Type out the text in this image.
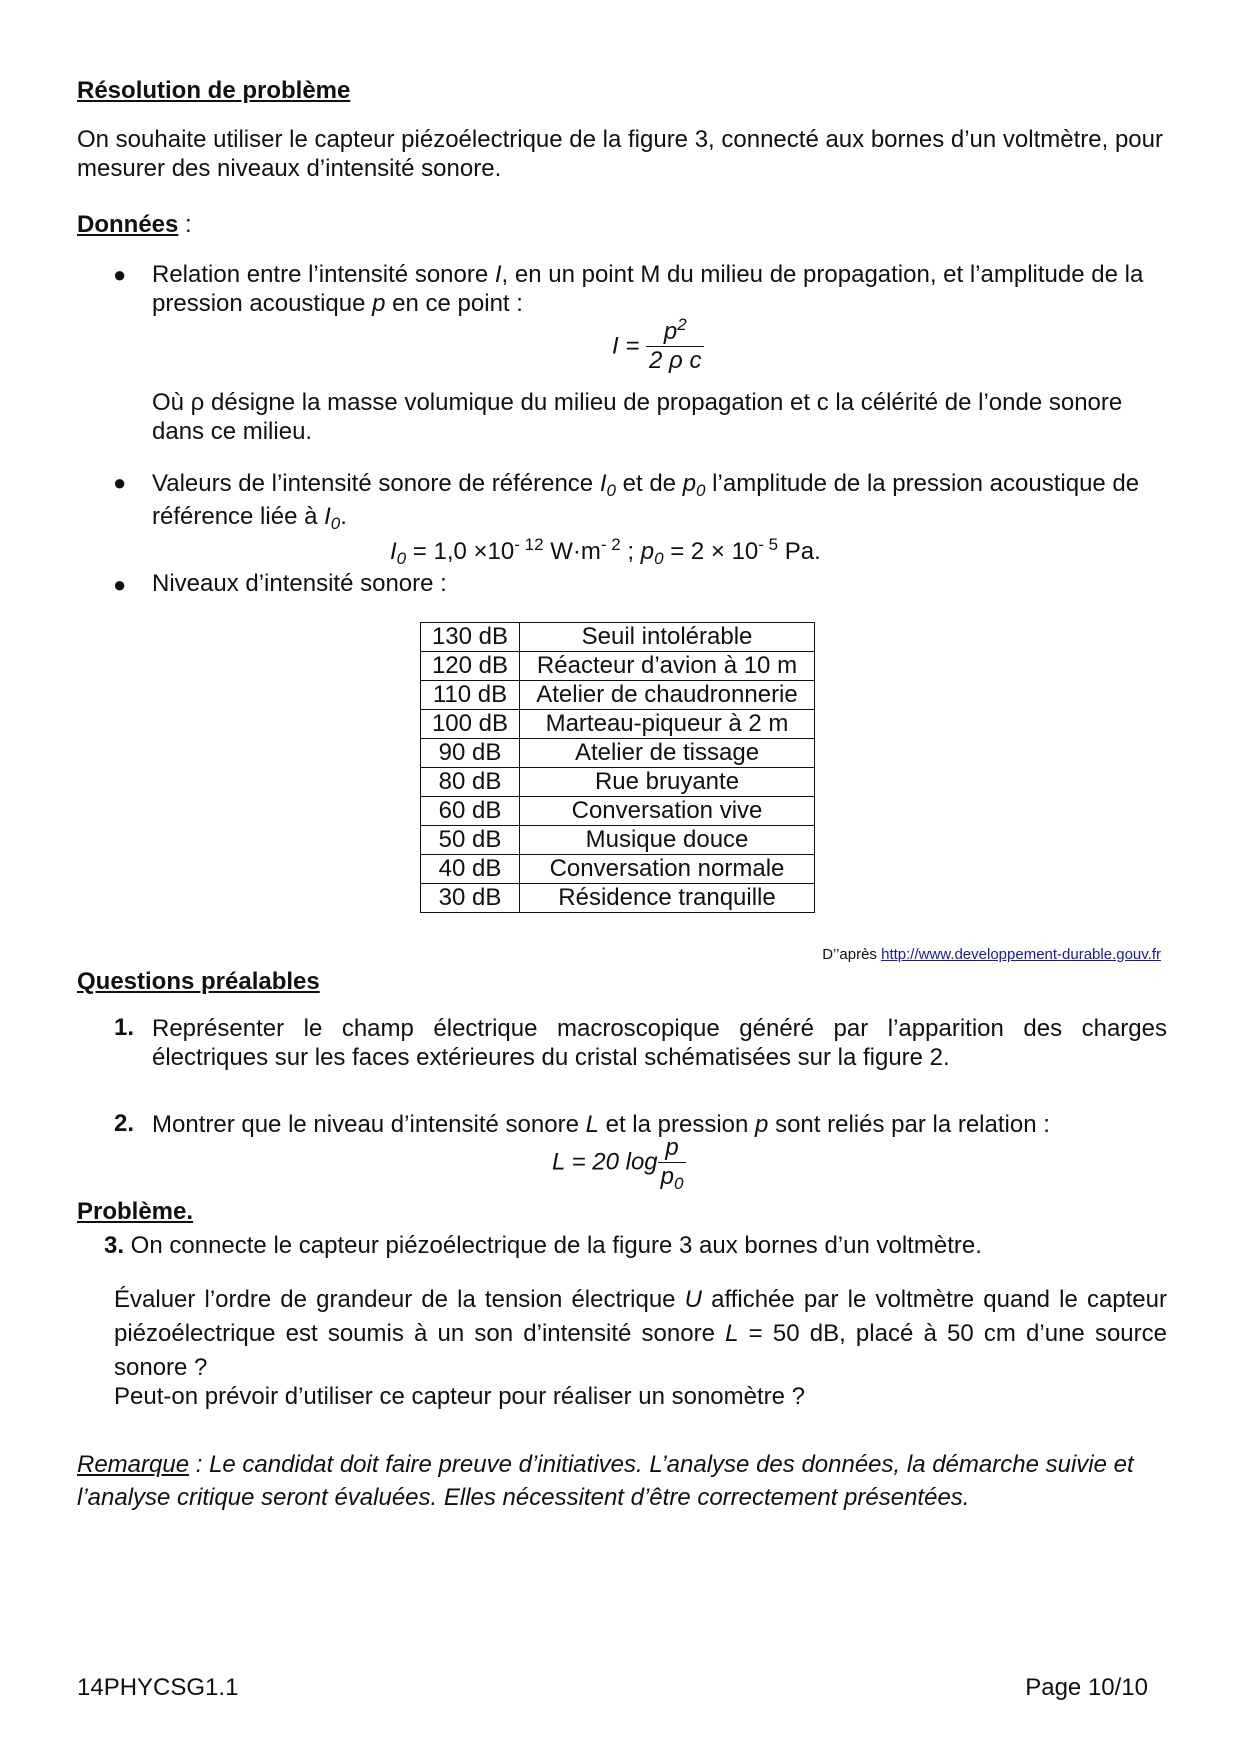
Résolution de problème

On souhaite utiliser le capteur piézoélectrique de la figure 3, connecté aux bornes d’un voltmètre, pour mesurer des niveaux d’intensité sonore.

Données :
● Relation entre l’intensité sonore I, en un point M du milieu de propagation, et l’amplitude de la pression acoustique p en ce point :

$I = \frac{p^2}{\text{2 ρ c}}$

Où ρ désigne la masse volumique du milieu de propagation et c la célérité de l’onde sonore dans ce milieu.

● Valeurs de l’intensité sonore de référence $I_0$ et de $p_0$ l’amplitude de la pression acoustique de référence liée à $I_0$.

$I_0 = 1,0 \times 10^{- 12}$ $W\cdot m^{- 2}$ ; $p_0 = 2 \times 10^{- 5}$ Pa.
● Niveaux d’intensité sonore :
130 dB	Seuil intolérable
120 dB	Réacteur d’avion à 10 m
110 dB	Atelier de chaudronnerie
100 dB	Marteau-piqueur à 2 m
90 dB	Atelier de tissage
80 dB	Rue bruyante
60 dB	Conversation vive
50 dB	Musique douce
40 dB	Conversation normale
30 dB	Résidence tranquille
D’’après http://www.developpement-durable.gouv.fr
Questions préalables
1. Représenter le champ électrique macroscopique généré par l’apparition des charges électriques sur les faces extérieures du cristal schématisées sur la figure 2.

2. Montrer que le niveau d’intensité sonore L et la pression p sont reliés par la relation :

L = 20 $\log \frac{p}{p_0}$
Problème.
3. On connecte le capteur piézoélectrique de la figure 3 aux bornes d’un voltmètre.

Évaluer l’ordre de grandeur de la tension électrique U affichée par le voltmètre quand le capteur piézoélectrique est soumis à un son d’intensité sonore L = 50 dB, placé à 50 cm d’une source sonore ?

Peut-on prévoir d’utiliser ce capteur pour réaliser un sonomètre ?

Remarque : Le candidat doit faire preuve d’initiatives. L’analyse des données, la démarche suivie et l’analyse critique seront évaluées. Elles nécessitent d’être correctement présentées.

14PHYCSG1.1	Page 10/10
